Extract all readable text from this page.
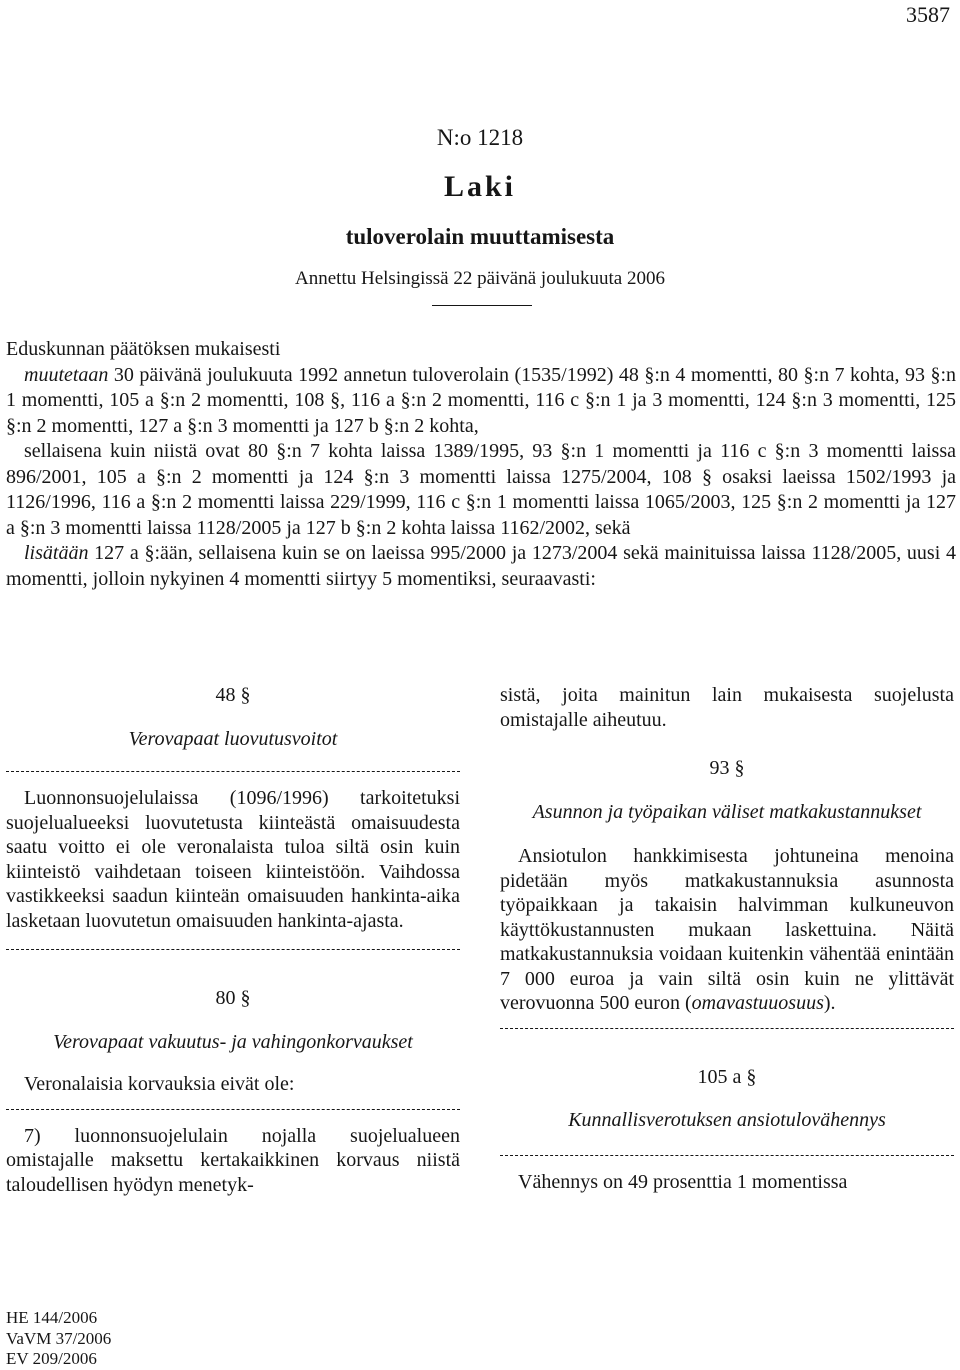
3587
N:o 1218
Laki
tuloverolain muuttamisesta
Annettu Helsingissä 22 päivänä joulukuuta 2006

Eduskunnan päätöksen mukaisesti

muutetaan 30 päivänä joulukuuta 1992 annetun tuloverolain (1535/1992) 48 §:n 4 momentti, 80 §:n 7 kohta, 93 §:n 1 momentti, 105 a §:n 2 momentti, 108 §, 116 a §:n 2 momentti, 116 c §:n 1 ja 3 momentti, 124 §:n 3 momentti, 125 §:n 2 momentti, 127 a §:n 3 momentti ja 127 b §:n 2 kohta,

sellaisena kuin niistä ovat 80 §:n 7 kohta laissa 1389/1995, 93 §:n 1 momentti ja 116 c §:n 3 momentti laissa 896/2001, 105 a §:n 2 momentti ja 124 §:n 3 momentti laissa 1275/2004, 108 § osaksi laeissa 1502/1993 ja 1126/1996, 116 a §:n 2 momentti laissa 229/1999, 116 c §:n 1 momentti laissa 1065/2003, 125 §:n 2 momentti ja 127 a §:n 3 momentti laissa 1128/2005 ja 127 b §:n 2 kohta laissa 1162/2002, sekä

lisätään 127 a §:ään, sellaisena kuin se on laeissa 995/2000 ja 1273/2004 sekä mainituissa laissa 1128/2005, uusi 4 momentti, jolloin nykyinen 4 momentti siirtyy 5 momentiksi, seuraavasti:

48 §
Verovapaat luovutusvoitot

Luonnonsuojelulaissa (1096/1996) tarkoitetuksi suojelualueeksi luovutetusta kiinteästä omaisuudesta saatu voitto ei ole veronalaista tuloa siltä osin kuin kiinteistö vaihdetaan toiseen kiinteistöön. Vaihdossa vastikkeeksi saadun kiinteän omaisuuden hankinta-aika lasketaan luovutetun omaisuuden hankinta-ajasta.

80 §
Verovapaat vakuutus- ja vahingonkorvaukset

Veronalaisia korvauksia eivät ole:

7) luonnonsuojelulain nojalla suojelualueen omistajalle maksettu kertakaikkinen korvaus niistä taloudellisen hyödyn menetyk-

sistä, joita mainitun lain mukaisesta suojelusta omistajalle aiheutuu.

93 §
Asunnon ja työpaikan väliset matkakustannukset

Ansiotulon hankkimisesta johtuneina menoina pidetään myös matkakustannuksia asunnosta työpaikkaan ja takaisin halvimman kulkuneuvon käyttökustannusten mukaan laskettuina. Näitä matkakustannuksia voidaan kuitenkin vähentää enintään 7 000 euroa ja vain siltä osin kuin ne ylittävät verovuonna 500 euron (omavastuuosuus).

105 a §
Kunnallisverotuksen ansiotulovähennys

Vähennys on 49 prosenttia 1 momentissa

HE 144/2006
VaVM 37/2006
EV 209/2006
